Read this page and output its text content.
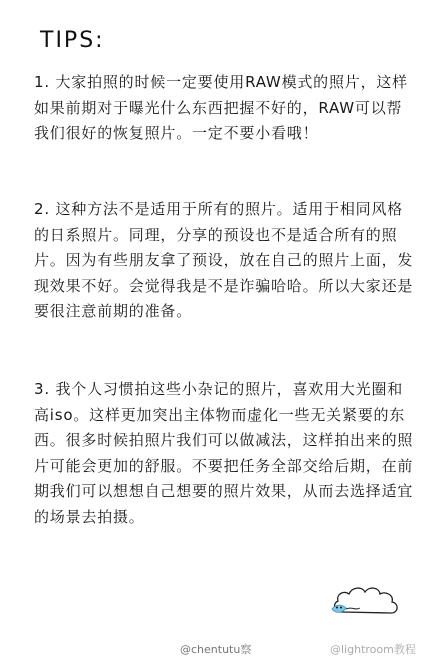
TIPS:

1. 大家拍照的时候一定要使用RAW模式的照片，这样如果前期对于曝光什么东西把握不好的，RAW可以帮我们很好的恢复照片。一定不要小看哦！

2. 这种方法不是适用于所有的照片。适用于相同风格的日系照片。同理，分享的预设也不是适合所有的照片。因为有些朋友拿了预设，放在自己的照片上面，发现效果不好。会觉得我是不是诈骗哈哈。所以大家还是要很注意前期的准备。

3. 我个人习惯拍这些小杂记的照片，喜欢用大光圈和高iso。这样更加突出主体物而虚化一些无关紧要的东西。很多时候拍照片我们可以做减法，这样拍出来的照片可能会更加的舒服。不要把任务全部交给后期，在前期我们可以想想自己想要的照片效果，从而去选择适宜的场景去拍摄。

@chentutu察	@lightroom教程
